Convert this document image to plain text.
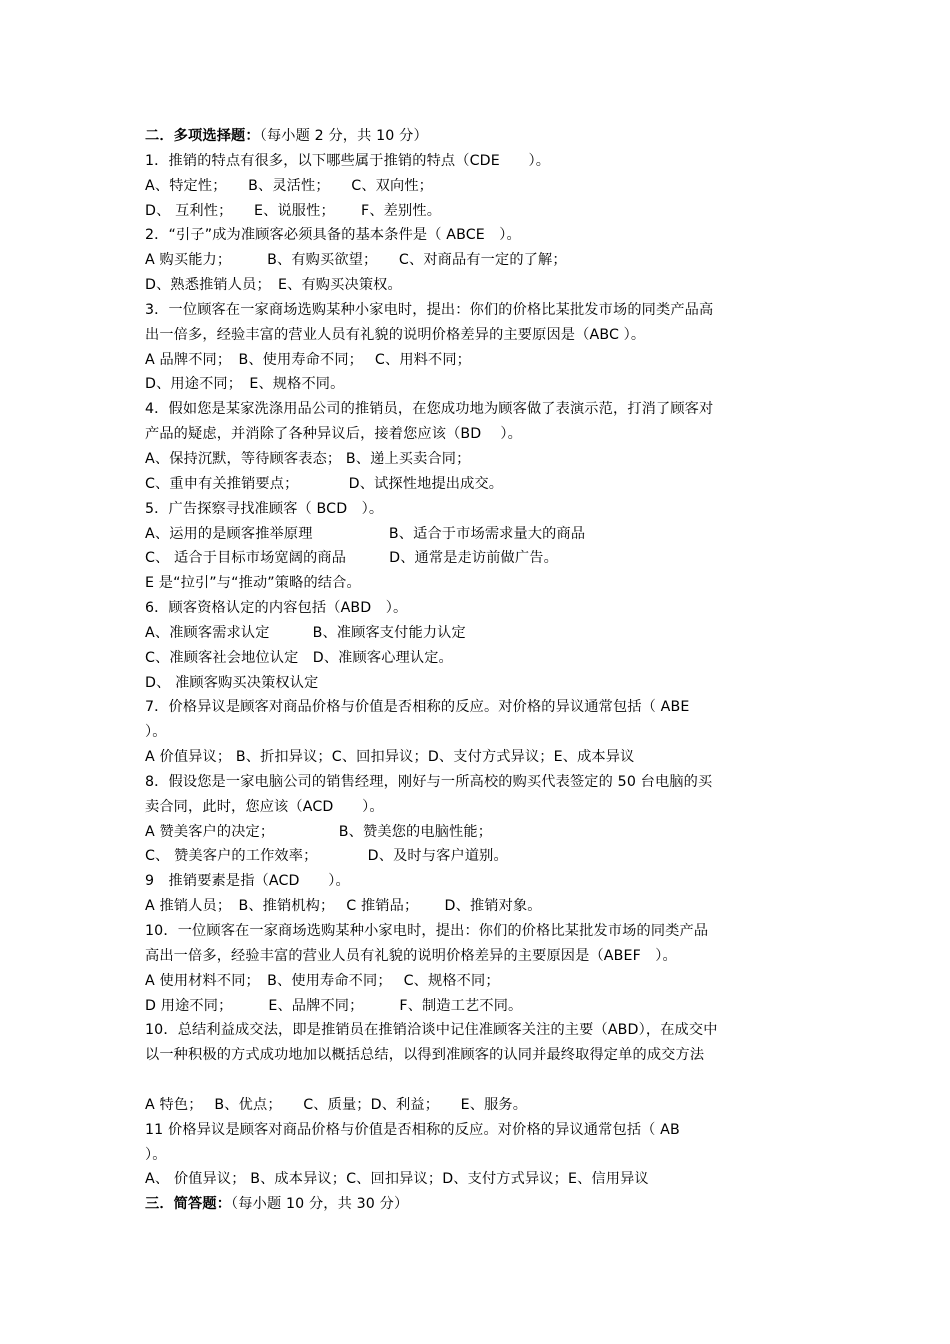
二．多项选择题：（每小题 2 分，共 10 分）
1．推销的特点有很多，以下哪些属于推销的特点（CDE　　）。
A、特定性；　　B、灵活性；　　C、双向性；
D、 互利性；　　E、说服性；　　 F、差别性。
2．“引子”成为准顾客必须具备的基本条件是（ ABCE　）。
A 购买能力；　　　B、有购买欲望；　　C、对商品有一定的了解；
D、熟悉推销人员；　E、有购买决策权。
3．一位顾客在一家商场选购某种小家电时，提出：你们的价格比某批发市场的同类产品高
出一倍多，经验丰富的营业人员有礼貌的说明价格差异的主要原因是（ABC ）。
A 品牌不同；　B、使用寿命不同；　 C、用料不同；
D、用途不同；　E、规格不同。
4．假如您是某家洗涤用品公司的推销员，在您成功地为顾客做了表演示范，打消了顾客对
产品的疑虑，并消除了各种异议后，接着您应该（BD　 ）。
A、保持沉默，等待顾客表态； B、递上买卖合同；
C、重申有关推销要点；　　　　D、试探性地提出成交。
5．广告探察寻找准顾客（ BCD　）。
A、运用的是顾客推举原理　　　　　 B、适合于市场需求量大的商品
C、 适合于目标市场宽阔的商品　　　D、通常是走访前做广告。
E 是“拉引”与“推动”策略的结合。
6．顾客资格认定的内容包括（ABD　）。
A、准顾客需求认定　　　B、准顾客支付能力认定
C、准顾客社会地位认定　D、准顾客心理认定。
D、 准顾客购买决策权认定
7．价格异议是顾客对商品价格与价值是否相称的反应。对价格的异议通常包括（ ABE
）。
A 价值异议； B、折扣异议；C、回扣异议；D、支付方式异议；E、成本异议
8．假设您是一家电脑公司的销售经理，刚好与一所高校的购买代表签定的 50 台电脑的买
卖合同，此时，您应该（ACD　　）。
A 赞美客户的决定；　　　　　B、赞美您的电脑性能；
C、 赞美客户的工作效率；　　　　D、及时与客户道别。
9　推销要素是指（ACD　　）。
A 推销人员；　B、推销机构；　 C 推销品；　　 D、推销对象。
10．一位顾客在一家商场选购某种小家电时，提出：你们的价格比某批发市场的同类产品
高出一倍多，经验丰富的营业人员有礼貌的说明价格差异的主要原因是（ABEF　）。
A 使用材料不同；　B、使用寿命不同；　 C、规格不同；
D 用途不同；　　　E、品牌不同；　　　F、制造工艺不同。
10．总结利益成交法，即是推销员在推销洽谈中记住准顾客关注的主要（ABD），在成交中
以一种积极的方式成功地加以概括总结，以得到准顾客的认同并最终取得定单的成交方法
A 特色；　 B、优点；　　C、质量；D、利益；　　E、服务。
11 价格异议是顾客对商品价格与价值是否相称的反应。对价格的异议通常包括（ AB
）。
A、 价值异议； B、成本异议；C、回扣异议；D、支付方式异议；E、信用异议
三．简答题：（每小题 10 分，共 30 分）
